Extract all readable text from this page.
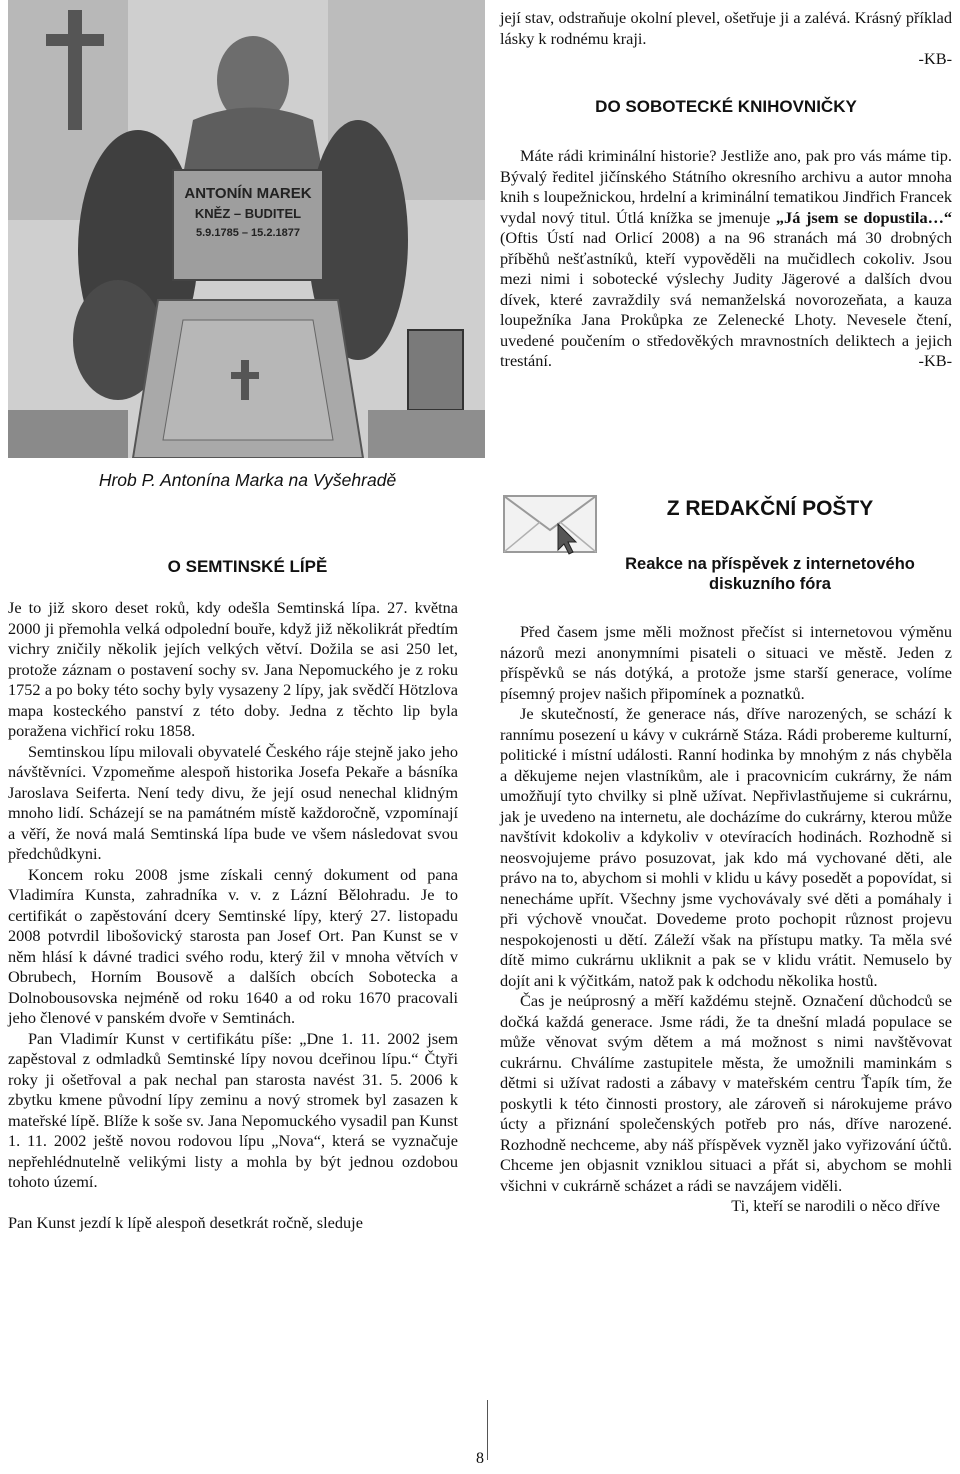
ANTONÍN MAREK
KNĚZ – BUDITEL
5.9.1785 – 15.2.1877
Hrob P. Antonína Marka na Vyšehradě
O SEMTINSKÉ LÍPĚ

Je to již skoro deset roků, kdy odešla Semtinská lípa. 27. května 2000 ji přemohla velká odpolední bouře, když již několikrát předtím vichry zničily několik jejích velkých větví. Dožila se asi 250 let, protože záznam o postavení sochy sv. Jana Nepomuckého je z roku 1752 a po boky této sochy byly vysazeny 2 lípy, jak svědčí Hötzlova mapa kosteckého panství z této doby. Jedna z těchto lip byla poražena vichřicí roku 1858.

Semtinskou lípu milovali obyvatelé Českého ráje stejně jako jeho návštěvníci. Vzpomeňme alespoň historika Josefa Pekaře a básníka Jaroslava Seiferta. Není tedy divu, že její osud nenechal klidným mnoho lidí. Scházejí se na památném místě každoročně, vzpomínají a věří, že nová malá Semtinská lípa bude ve všem následovat svou předchůdkyni.

Koncem roku 2008 jsme získali cenný dokument od pana Vladimíra Kunsta, zahradníka v. v. z Lázní Bělohradu. Je to certifikát o zapěstování dcery Semtinské lípy, který 27. listopadu 2008 potvrdil libošovický starosta pan Josef Ort. Pan Kunst se v něm hlásí k dávné tradici svého rodu, který žil v mnoha větvích v Obrubech, Horním Bousově a dalších obcích Sobotecka a Dolnobousovska nejméně od roku 1640 a od roku 1670 pracovali jeho členové v panském dvoře v Semtinách.

Pan Vladimír Kunst v certifikátu píše: „Dne 1. 11. 2002 jsem zapěstoval z odmladků Semtinské lípy novou dceřinou lípu.“ Čtyři roky ji ošetřoval a pak nechal pan starosta navést 31. 5. 2006 k zbytku kmene původní lípy zeminu a nový stromek byl zasazen k mateřské lípě. Blíže k soše sv. Jana Nepomuckého vysadil pan Kunst 1. 11. 2002 ještě novou rodovou lípu „Nova“, která se vyznačuje nepřehlédnutelně velikými listy a mohla by být jednou ozdobou tohoto území.

Pan Kunst jezdí k lípě alespoň desetkrát ročně, sleduje

její stav, odstraňuje okolní plevel, ošetřuje ji a zalévá. Krásný příklad lásky k rodnému kraji.

-KB-
DO SOBOTECKÉ KNIHOVNIČKY

Máte rádi kriminální historie? Jestliže ano, pak pro vás máme tip. Bývalý ředitel jičínského Státního okresního archivu a autor mnoha knih s loupežnickou, hrdelní a kriminální tematikou Jindřich Francek vydal nový titul. Útlá knížka se jmenuje „Já jsem se dopustila…“ (Oftis Ústí nad Orlicí 2008) a na 96 stranách má 30 drobných příběhů nešťastníků, kteří vypověděli na mučidlech cokoliv. Jsou mezi nimi i sobotecké výslechy Judity Jägerové a dalších dvou dívek, které zavraždily svá nemanželská novorozeňata, a kauza loupežníka Jana Prokůpka ze Zelenecké Lhoty. Nevesele čtení, uvedené poučením o středověkých mravnostních deliktech a jejich trestání.	-KB-

Z REDAKČNÍ POŠTY
Reakce na příspěvek z internetového diskuzního fóra

Před časem jsme měli možnost přečíst si internetovou výměnu názorů mezi anonymními pisateli o situaci ve městě. Jeden z příspěvků se nás dotýká, a protože jsme starší generace, volíme písemný projev našich připomínek a poznatků.

Je skutečností, že generace nás, dříve narozených, se schází k rannímu posezení u kávy v cukrárně Stáza. Rádi probereme kulturní, politické i místní události. Ranní hodinka by mnohým z nás chyběla a děkujeme nejen vlastníkům, ale i pracovnicím cukrárny, že nám umožňují tyto chvilky si plně užívat. Nepřivlastňujeme si cukrárnu, jak je uvedeno na internetu, ale docházíme do cukrárny, kterou může navštívit kdokoliv a kdykoliv v otevíracích hodinách. Rozhodně si neosvojujeme právo posuzovat, jak kdo má vychované děti, ale právo na to, abychom si mohli v klidu u kávy posedět a popovídat, si nenecháme upřít. Všechny jsme vychovávaly své děti a pomáhaly i při výchově vnoučat. Dovedeme proto pochopit různost projevu nespokojenosti u dětí. Záleží však na přístupu matky. Ta měla své dítě mimo cukrárnu ukliknit a pak se v klidu vrátit. Nemuselo by dojít ani k výčitkám, natož pak k odchodu několika hostů.

Čas je neúprosný a měří každému stejně. Označení důchodců se dočká každá generace. Jsme rádi, že ta dnešní mladá populace se může věnovat svým dětem a má možnost s nimi navštěvovat cukrárnu. Chválíme zastupitele města, že umožnili maminkám s dětmi si užívat radosti a zábavy v mateřském centru Ťapík tím, že poskytli k této činnosti prostory, ale zároveň si nárokujeme právo úcty a přiznání společenských potřeb pro nás, dříve narozené. Rozhodně nechceme, aby náš příspěvek vyzněl jako vyřizování účtů. Chceme jen objasnit vzniklou situaci a přát si, abychom se mohli všichni v cukrárně scházet a rádi se navzájem viděli.

Ti, kteří se narodili o něco dříve

8
